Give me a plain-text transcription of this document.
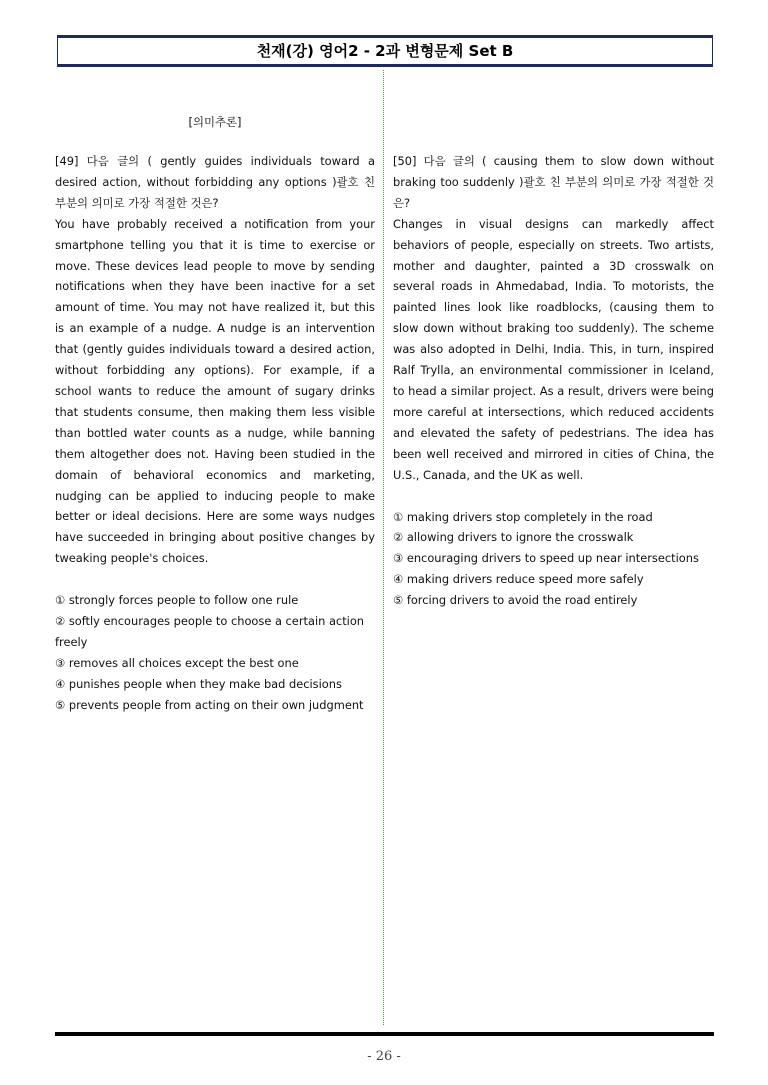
천재(강) 영어2 - 2과 변형문제 Set B
[의미추론]

[49] 다음 글의 ( gently guides individuals toward a desired action, without forbidding any options )괄호 친 부분의 의미로 가장 적절한 것은?

You have probably received a notification from your smartphone telling you that it is time to exercise or move. These devices lead people to move by sending notifications when they have been inactive for a set amount of time. You may not have realized it, but this is an example of a nudge. A nudge is an intervention that (gently guides individuals toward a desired action, without forbidding any options). For example, if a school wants to reduce the amount of sugary drinks that students consume, then making them less visible than bottled water counts as a nudge, while banning them altogether does not. Having been studied in the domain of behavioral economics and marketing, nudging can be applied to inducing people to make better or ideal decisions. Here are some ways nudges have succeeded in bringing about positive changes by tweaking people's choices.

① strongly forces people to follow one rule

② softly encourages people to choose a certain action freely

③ removes all choices except the best one

④ punishes people when they make bad decisions

⑤ prevents people from acting on their own judgment

[50] 다음 글의 ( causing them to slow down without braking too suddenly )괄호 친 부분의 의미로 가장 적절한 것은?

Changes in visual designs can markedly affect behaviors of people, especially on streets. Two artists, mother and daughter, painted a 3D crosswalk on several roads in Ahmedabad, India. To motorists, the painted lines look like roadblocks, (causing them to slow down without braking too suddenly). The scheme was also adopted in Delhi, India. This, in turn, inspired Ralf Trylla, an environmental commissioner in Iceland, to head a similar project. As a result, drivers were being more careful at intersections, which reduced accidents and elevated the safety of pedestrians. The idea has been well received and mirrored in cities of China, the U.S., Canada, and the UK as well.

① making drivers stop completely in the road

② allowing drivers to ignore the crosswalk

③ encouraging drivers to speed up near intersections

④ making drivers reduce speed more safely

⑤ forcing drivers to avoid the road entirely

- 26 -
